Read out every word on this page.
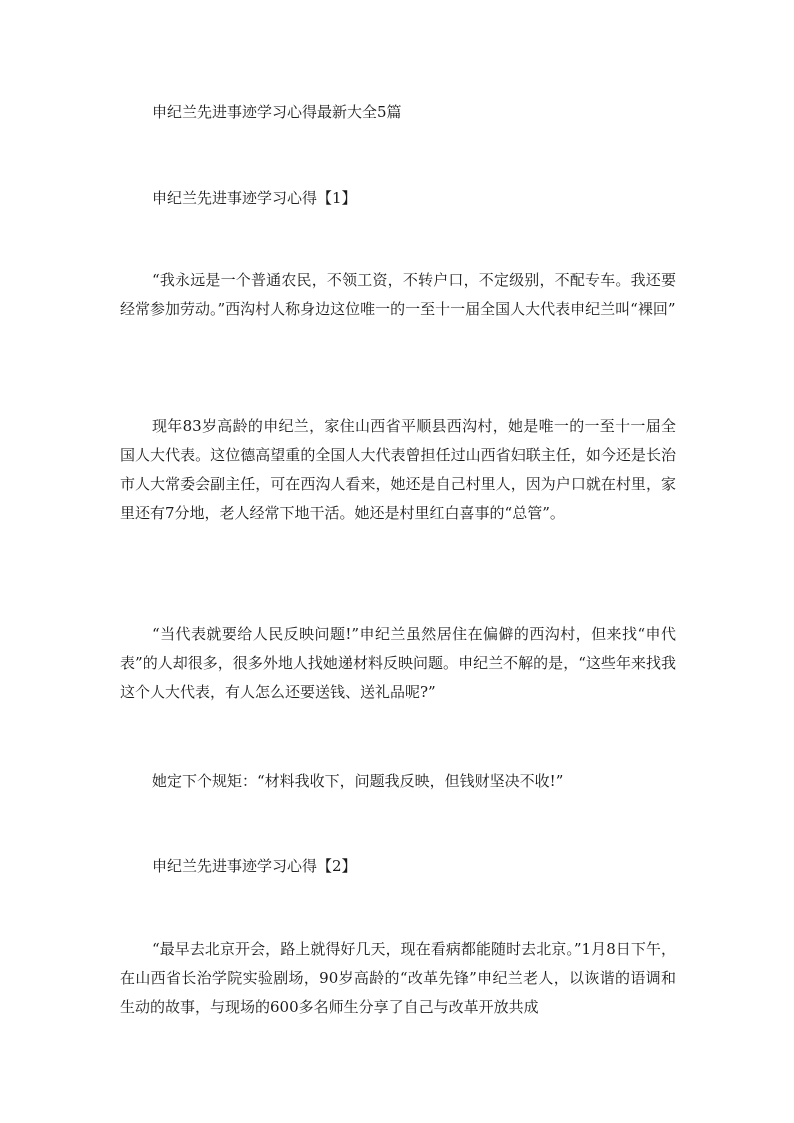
申纪兰先进事迹学习心得最新大全5篇

申纪兰先进事迹学习心得【1】

“我永远是一个普通农民，不领工资，不转户口，不定级别，不配专车。我还要经常参加劳动。”西沟村人称身边这位唯一的一至十一届全国人大代表申纪兰叫“裸回”

现年83岁高龄的申纪兰，家住山西省平顺县西沟村，她是唯一的一至十一届全国人大代表。这位德高望重的全国人大代表曾担任过山西省妇联主任，如今还是长治市人大常委会副主任，可在西沟人看来，她还是自己村里人，因为户口就在村里，家里还有7分地，老人经常下地干活。她还是村里红白喜事的“总管”。

“当代表就要给人民反映问题!”申纪兰虽然居住在偏僻的西沟村，但来找“申代表”的人却很多，很多外地人找她递材料反映问题。申纪兰不解的是，“这些年来找我这个人大代表，有人怎么还要送钱、送礼品呢?”

她定下个规矩：“材料我收下，问题我反映，但钱财坚决不收!”

申纪兰先进事迹学习心得【2】

“最早去北京开会，路上就得好几天，现在看病都能随时去北京。”1月8日下午，在山西省长治学院实验剧场，90岁高龄的“改革先锋”申纪兰老人，以诙谐的语调和生动的故事，与现场的600多名师生分享了自己与改革开放共成
